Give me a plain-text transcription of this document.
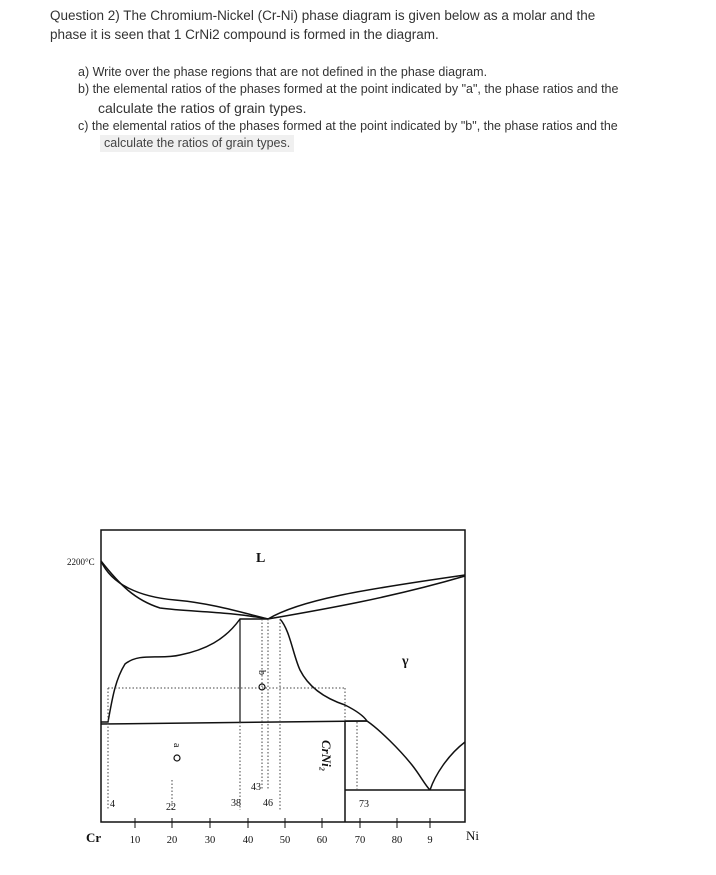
Question 2) The Chromium-Nickel (Cr-Ni) phase diagram is given below as a molar and the
phase it is seen that 1 CrNi2 compound is formed in the diagram.
a) Write over the phase regions that are not defined in the phase diagram.
b) the elemental ratios of the phases formed at the point indicated by "a", the phase ratios and the
calculate the ratios of grain types.
c) the elemental ratios of the phases formed at the point indicated by "b", the phase ratios and the
calculate the ratios of grain types.
2200°C	L
γ
CrNi₂
a
b
4	22	38
43
46	73
Cr	Ni
10	20	30	40	50	60	70	80 9
